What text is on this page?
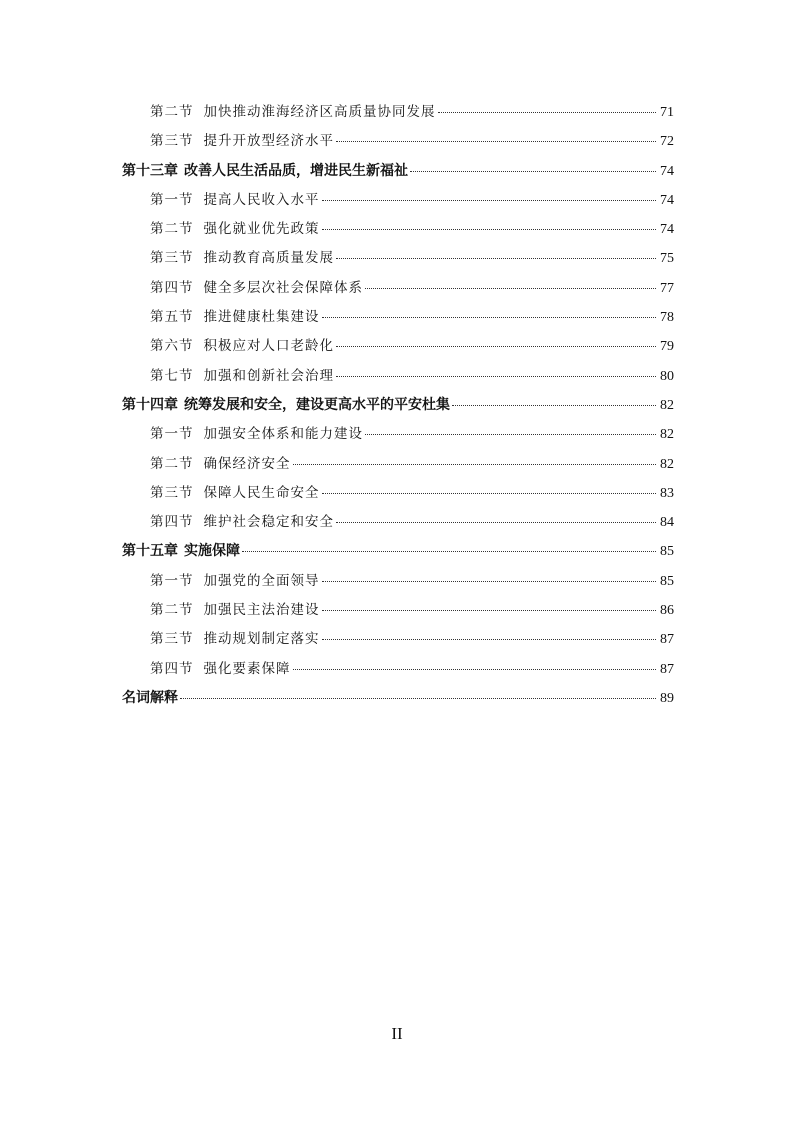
第二节 加快推动淮海经济区高质量协同发展	71
第三节 提升开放型经济水平	72
第十三章 改善人民生活品质，增进民生新福祉	74
第一节 提高人民收入水平	74
第二节 强化就业优先政策	74
第三节 推动教育高质量发展	75
第四节 健全多层次社会保障体系	77
第五节 推进健康杜集建设	78
第六节 积极应对人口老龄化	79
第七节 加强和创新社会治理	80
第十四章 统筹发展和安全，建设更高水平的平安杜集	82
第一节 加强安全体系和能力建设	82
第二节 确保经济安全	82
第三节 保障人民生命安全	83
第四节 维护社会稳定和安全	84
第十五章 实施保障	85
第一节 加强党的全面领导	85
第二节 加强民主法治建设	86
第三节 推动规划制定落实	87
第四节 强化要素保障	87
名词解释	89
II
